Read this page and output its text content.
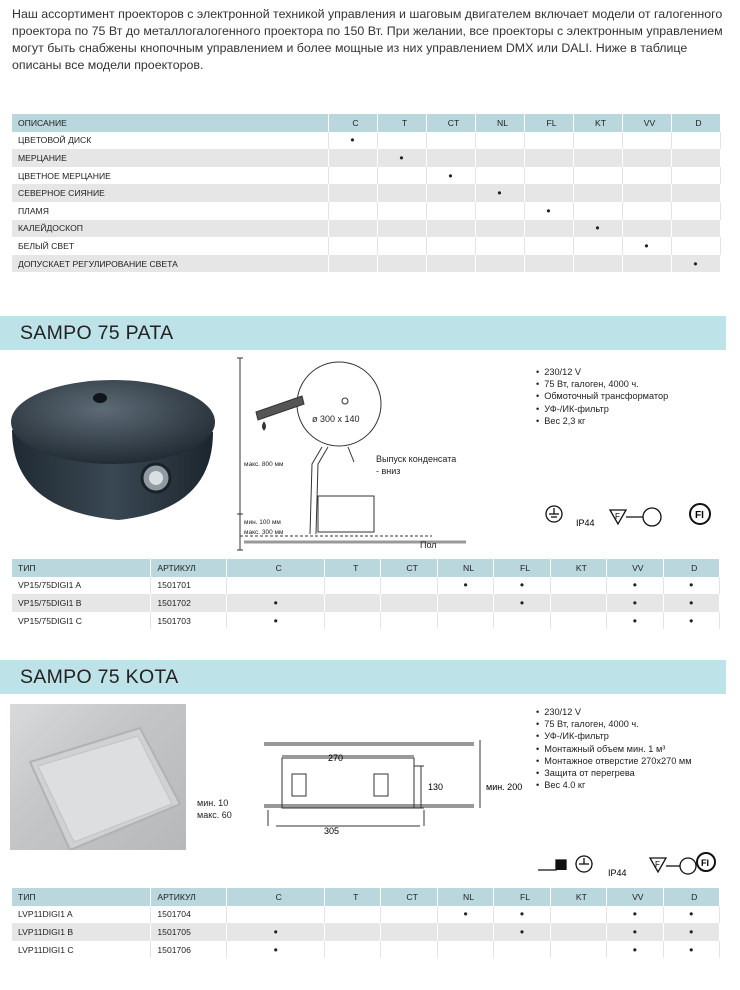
Наш ассортимент проекторов с электронной техникой управления и шаговым двигателем включает модели от галогенного проектора по 75 Вт до металлогалогенного проектора по 150 Вт. При желании, все проекторы с электронным управлением могут быть снабжены кнопочным управлением и более мощные из них управлением DMX или DALI. Ниже в таблице описаны все модели проекторов.
ОПИСАНИЕ	C	T	CT	NL	FL	KT	VV	D
ЦВЕТОВОЙ ДИСК	•							
МЕРЦАНИЕ		•						
ЦВЕТНОЕ МЕРЦАНИЕ			•					
СЕВЕРНОЕ СИЯНИЕ				•				
ПЛАМЯ					•			
КАЛЕЙДОСКОП						•		
БЕЛЫЙ СВЕТ							•	
ДОПУСКАЕТ РЕГУЛИРОВАНИЕ СВЕТА								•
SAMPO 75 PATA
ø 300 x 140
макс. 800 мм
мин. 100 мм
макс. 300 мм
Выпуск конденсата
- вниз
Пол
• 230/12 V
• 75 Вт, галоген, 4000 ч.
• Обмоточный трансформатор
• УФ-/ИК-фильтр
• Вес 2,3 кг
F	FI
IP44
ТИП	АРТИКУЛ	C	T	CT	NL	FL	KT	VV	D
VP15/75DIGI1 A	1501701				•	•		•	•
VP15/75DIGI1 B	1501702	•				•		•	•
VP15/75DIGI1 C	1501703	•						•	•
SAMPO 75 KOTA
270
130	мин. 200
305
мин. 10
макс. 60
• 230/12 V
• 75 Вт, галоген, 4000 ч.
• УФ-/ИК-фильтр
• Монтажный объем мин. 1 м³
• Монтажное отверстие 270x270 мм
• Защита от перегрева
• Вес 4.0 кг
F	FI
IP44
ТИП	АРТИКУЛ	C	T	CT	NL	FL	KT	VV	D
LVP11DIGI1 A	1501704				•	•		•	•
LVP11DIGI1 B	1501705	•				•		•	•
LVP11DIGI1 C	1501706	•						•	•
